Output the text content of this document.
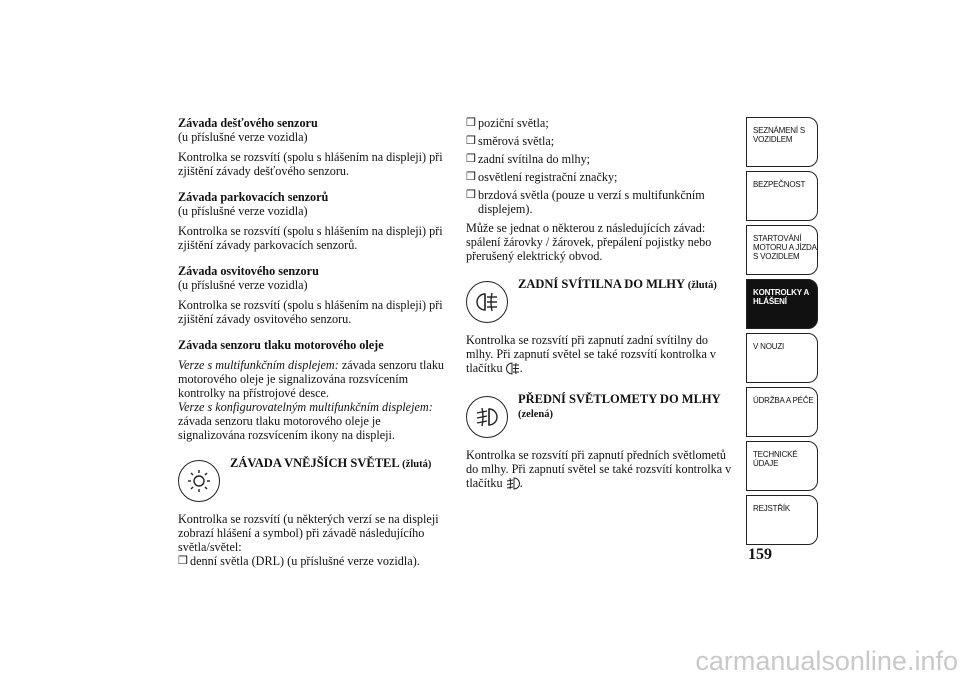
Závada dešťového senzoru
(u příslušné verze vozidla)

Kontrolka se rozsvítí (spolu s hlášením na displeji) při zjištění závady dešťového senzoru.

Závada parkovacích senzorů
(u příslušné verze vozidla)

Kontrolka se rozsvítí (spolu s hlášením na displeji) při zjištění závady parkovacích senzorů.

Závada osvitového senzoru
(u příslušné verze vozidla)

Kontrolka se rozsvítí (spolu s hlášením na displeji) při zjištění závady osvitového senzoru.

Závada senzoru tlaku motorového oleje

Verze s multifunkčním displejem: závada senzoru tlaku motorového oleje je signalizována rozsvícením kontrolky na přístrojové desce.

Verze s konfigurovatelným multifunkčním displejem:
závada senzoru tlaku motorového oleje je signalizována rozsvícením ikony na displeji.

ZÁVADA VNĚJŠÍCH SVĚTEL (žlutá)

Kontrolka se rozsvítí (u některých verzí se na displeji zobrazí hlášení a symbol) při závadě následujícího světla/světel:

❒ denní světla (DRL) (u příslušné verze vozidla).
❒ poziční světla;
❒ směrová světla;
❒ zadní svítilna do mlhy;
❒ osvětlení registrační značky;
❒ brzdová světla (pouze u verzí s multifunkčním displejem).

Může se jednat o některou z následujících závad: spálení žárovky / žárovek, přepálení pojistky nebo přerušený elektrický obvod.

ZADNÍ SVÍTILNA DO MLHY (žlutá)

Kontrolka se rozsvítí při zapnutí zadní svítilny do mlhy. Při zapnutí světel se také rozsvítí kontrolka v tlačítku .

PŘEDNÍ SVĚTLOMETY DO MLHY
(zelená)

Kontrolka se rozsvítí při zapnutí předních světlometů do mlhy. Při zapnutí světel se také rozsvítí kontrolka v tlačítku .

SEZNÁMENÍ S VOZIDLEM
BEZPEČNOST
STARTOVÁNÍ MOTORU A JÍZDA S VOZIDLEM
KONTROLKY A HLÁŠENÍ
V NOUZI
ÚDRŽBA A PÉČE
TECHNICKÉ ÚDAJE
REJSTŘÍK
159
carmanualsonline.info
